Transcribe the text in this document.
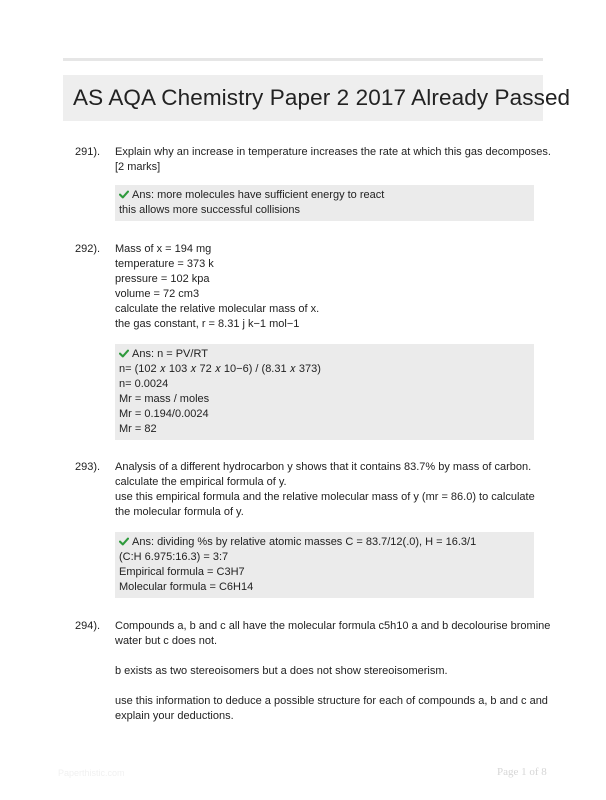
AS AQA Chemistry Paper 2 2017 Already Passed
291). Explain why an increase in temperature increases the rate at which this gas decomposes.
[2 marks]
Ans: more molecules have sufficient energy to react
this allows more successful collisions
292). Mass of x = 194 mg
temperature = 373 k
pressure = 102 kpa
volume = 72 cm3
calculate the relative molecular mass of x.
the gas constant, r = 8.31 j k−1 mol−1
Ans: n = PV/RT
n= (102 𝑥 103 𝑥 72 𝑥 10−6) / (8.31 𝑥 373)
n= 0.0024
Mr = mass / moles
Mr = 0.194/0.0024
Mr = 82
293). Analysis of a different hydrocarbon y shows that it contains 83.7% by mass of carbon.
calculate the empirical formula of y.
use this empirical formula and the relative molecular mass of y (mr = 86.0) to calculate
the molecular formula of y.
Ans: dividing %s by relative atomic masses C = 83.7/12(.0), H = 16.3/1
(C:H 6.975:16.3) = 3:7
Empirical formula = C3H7
Molecular formula = C6H14
294). Compounds a, b and c all have the molecular formula c5h10 a and b decolourise bromine
water but c does not.
b exists as two stereoisomers but a does not show stereoisomerism.
use this information to deduce a possible structure for each of compounds a, b and c and
explain your deductions.
Paperthistic.com	Page 1 of 8
